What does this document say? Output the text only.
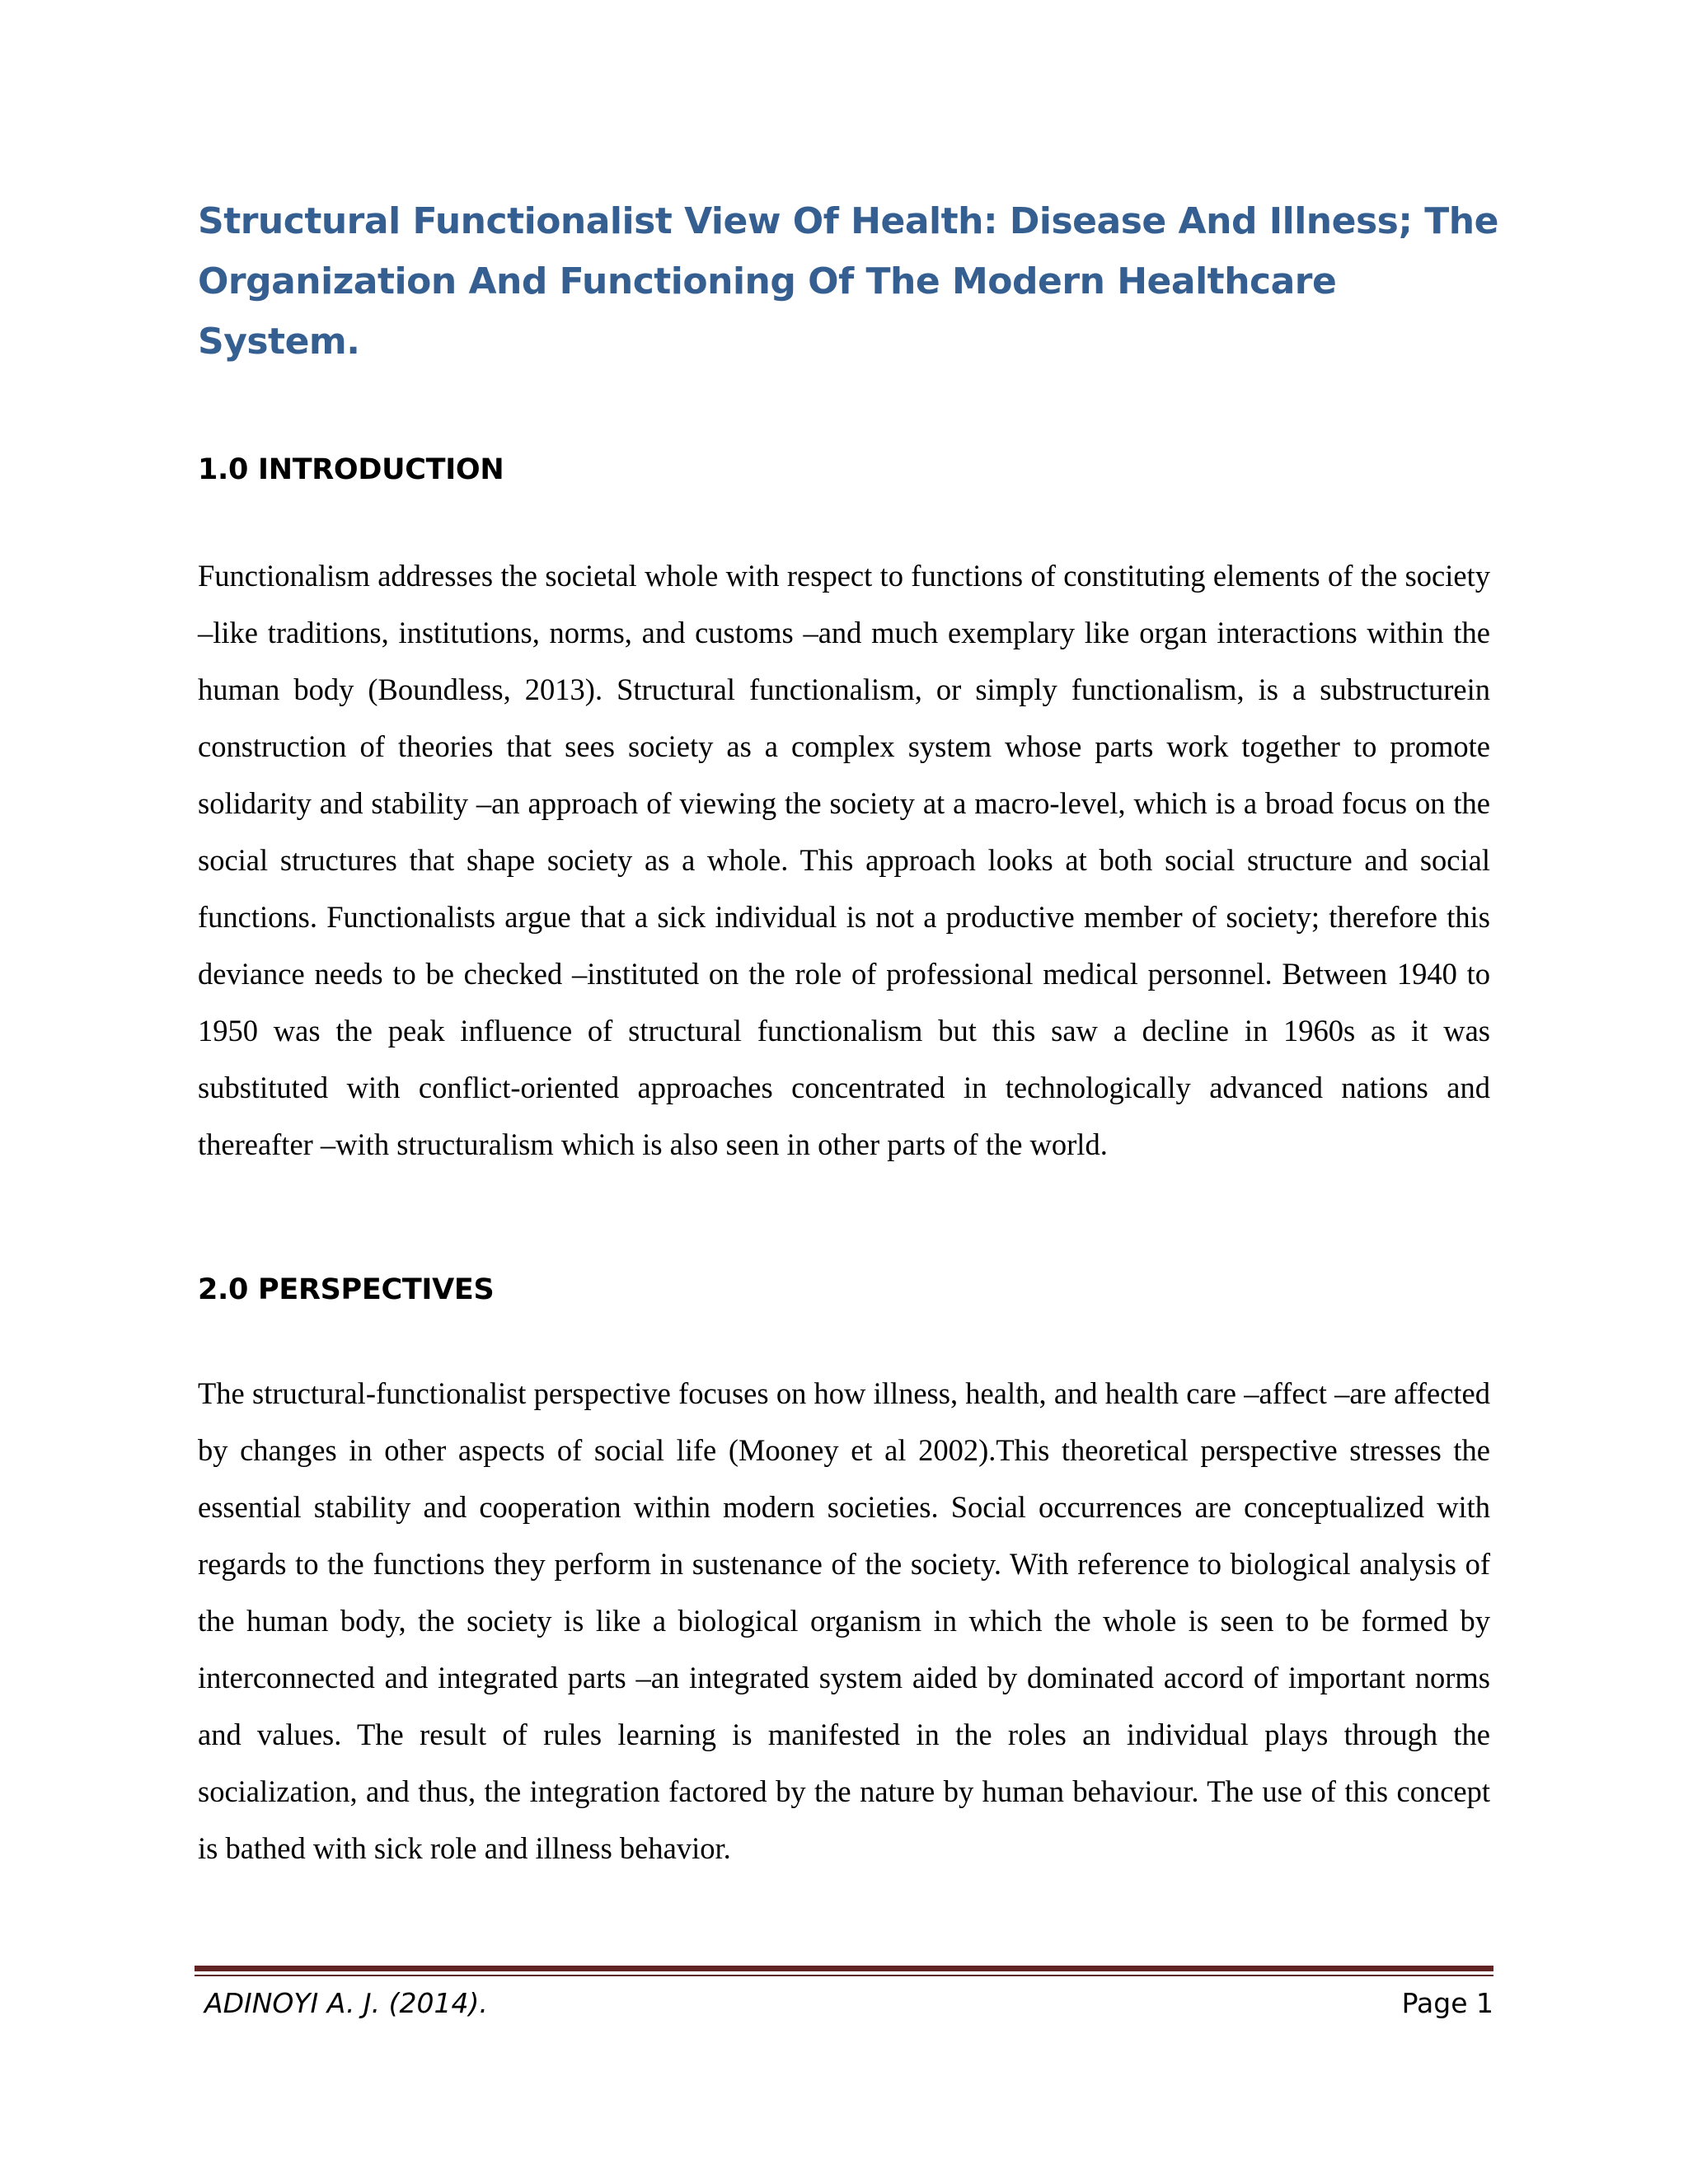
Structural Functionalist View Of Health: Disease And Illness; The Organization And Functioning Of The Modern Healthcare System.
1.0 INTRODUCTION

Functionalism addresses the societal whole with respect to functions of constituting elements of the society –like traditions, institutions, norms, and customs –and much exemplary like organ interactions within the human body (Boundless, 2013). Structural functionalism, or simply functionalism, is a substructurein construction of theories that sees society as a complex system whose parts work together to promote solidarity and stability –an approach of viewing the society at a macro-level, which is a broad focus on the social structures that shape society as a whole. This approach looks at both social structure and social functions. Functionalists argue that a sick individual is not a productive member of society; therefore this deviance needs to be checked –instituted on the role of professional medical personnel. Between 1940 to 1950 was the peak influence of structural functionalism but this saw a decline in 1960s as it was substituted with conflict-oriented approaches concentrated in technologically advanced nations and thereafter –with structuralism which is also seen in other parts of the world.

2.0 PERSPECTIVES

The structural-functionalist perspective focuses on how illness, health, and health care –affect –are affected by changes in other aspects of social life (Mooney et al 2002).This theoretical perspective stresses the essential stability and cooperation within modern societies. Social occurrences are conceptualized with regards to the functions they perform in sustenance of the society. With reference to biological analysis of the human body, the society is like a biological organism in which the whole is seen to be formed by interconnected and integrated parts –an integrated system aided by dominated accord of important norms and values. The result of rules learning is manifested in the roles an individual plays through the socialization, and thus, the integration factored by the nature by human behaviour. The use of this concept is bathed with sick role and illness behavior.

ADINOYI A. J. (2014).	Page 1
